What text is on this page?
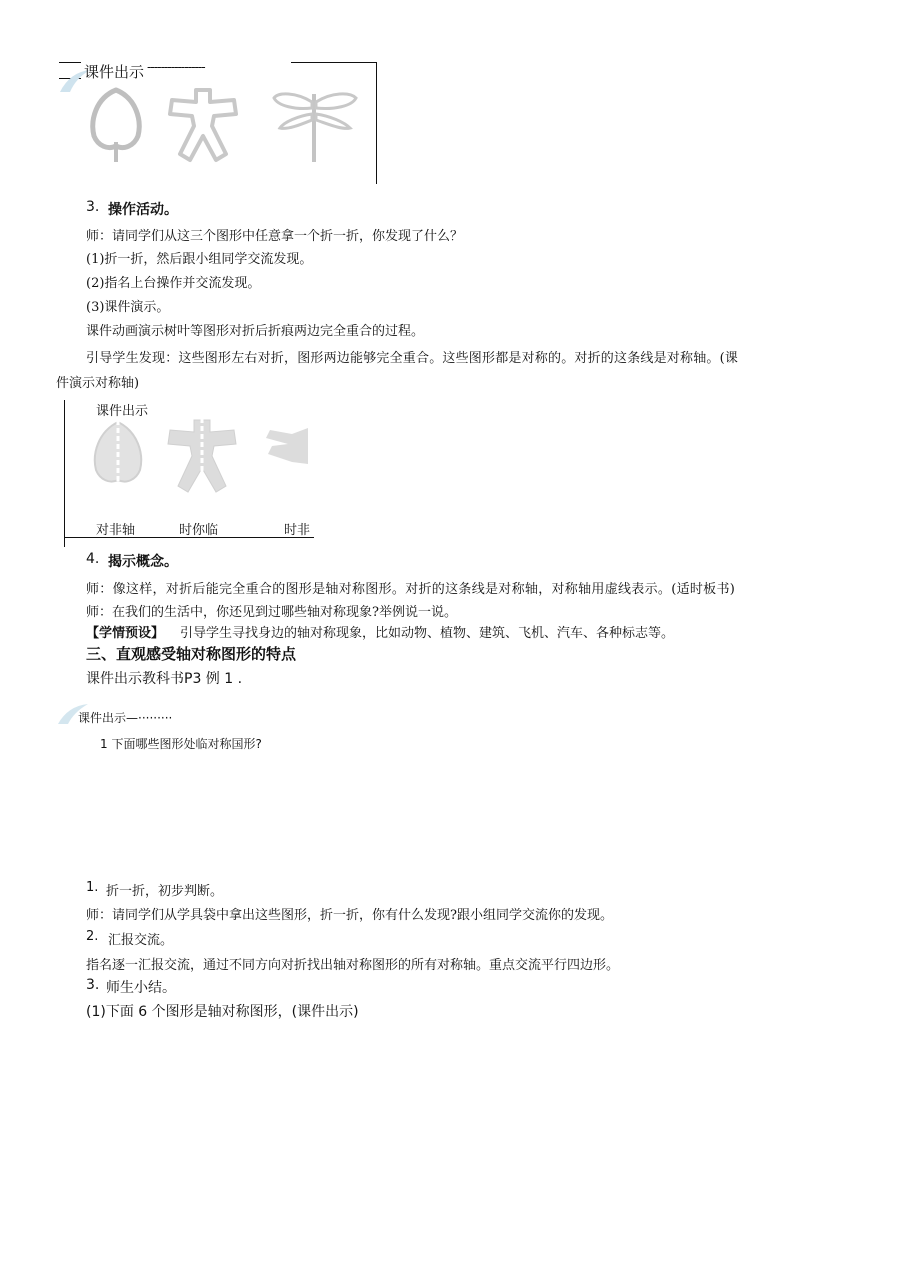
课件出示 -----------------
3. 操作活动。
师：请同学们从这三个图形中任意拿一个折一折，你发现了什么？
(1)折一折，然后跟小组同学交流发现。
(2)指名上台操作并交流发现。
(3)课件演示。
课件动画演示树叶等图形对折后折痕两边完全重合的过程。
引导学生发现：这些图形左右对折，图形两边能够完全重合。这些图形都是对称的。对折的这条线是对称轴。(课
件演示对称轴)
课件出示
对非轴	时你临	时非
4. 揭示概念。
师：像这样，对折后能完全重合的图形是轴对称图形。对折的这条线是对称轴，对称轴用虚线表示。(适时板书)
师：在我们的生活中，你还见到过哪些轴对称现象?举例说一说。
【学情预设】 引导学生寻找身边的轴对称现象，比如动物、植物、建筑、飞机、汽车、各种标志等。
三、直观感受轴对称图形的特点
课件出示教科书P3 例 1 .
课件出示—·········
1 下面哪些图形处临对称国形?
1. 折一折，初步判断。
师：请同学们从学具袋中拿出这些图形，折一折，你有什么发现?跟小组同学交流你的发现。
2. 汇报交流。
指名逐一汇报交流，通过不同方向对折找出轴对称图形的所有对称轴。重点交流平行四边形。
3. 师生小结。
(1)下面 6 个图形是轴对称图形，(课件出示)
